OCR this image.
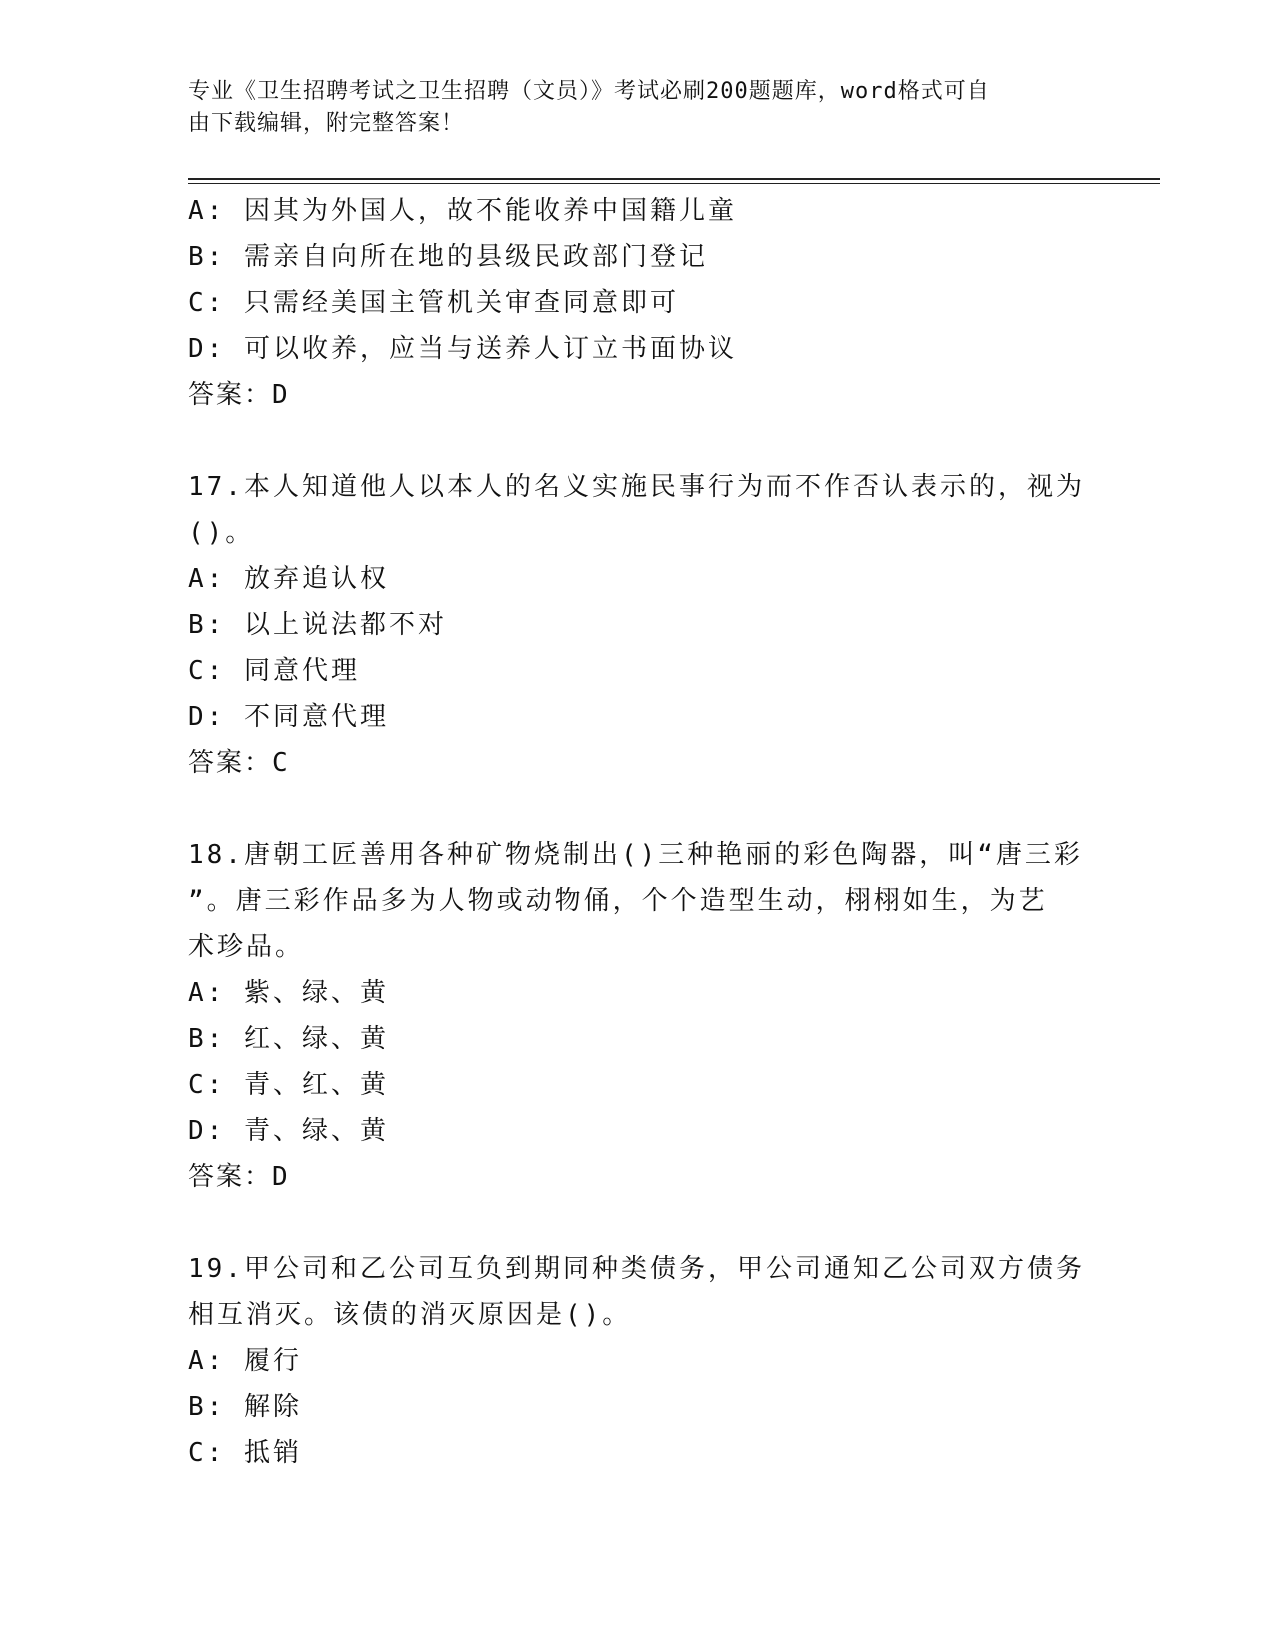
专业《卫生招聘考试之卫生招聘（文员）》考试必刷200题题库，word格式可自
由下载编辑，附完整答案！
A: 因其为外国人，故不能收养中国籍儿童
B: 需亲自向所在地的县级民政部门登记
C: 只需经美国主管机关审查同意即可
D: 可以收养，应当与送养人订立书面协议
答案：D
17.本人知道他人以本人的名义实施民事行为而不作否认表示的，视为
()。
A: 放弃追认权
B: 以上说法都不对
C: 同意代理
D: 不同意代理
答案：C
18.唐朝工匠善用各种矿物烧制出()三种艳丽的彩色陶器，叫“唐三彩
”。唐三彩作品多为人物或动物俑，个个造型生动，栩栩如生，为艺
术珍品。
A: 紫、绿、黄
B: 红、绿、黄
C: 青、红、黄
D: 青、绿、黄
答案：D
19.甲公司和乙公司互负到期同种类债务，甲公司通知乙公司双方债务
相互消灭。该债的消灭原因是()。
A: 履行
B: 解除
C: 抵销
